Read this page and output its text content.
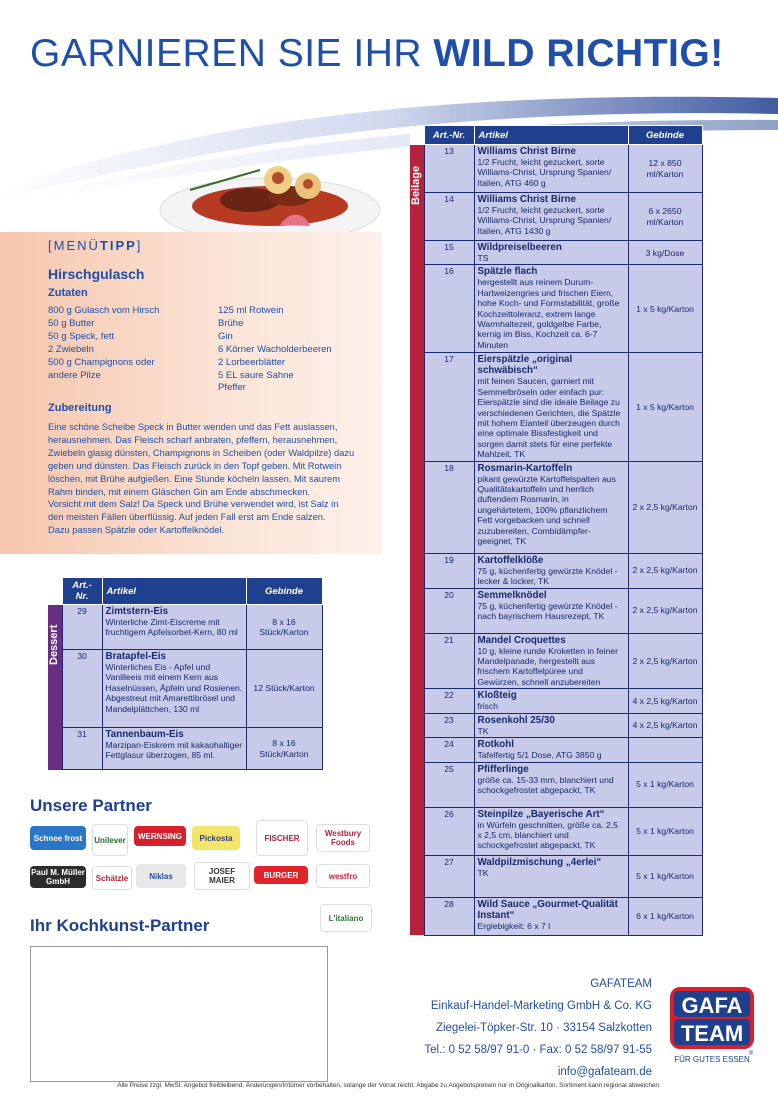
GARNIEREN SIE IHR WILD RICHTIG!
[MENÜTIPP]
Hirschgulasch
Zutaten
800 g Gulasch vom Hirsch
50 g Butter
50 g Speck, fett
2 Zwiebeln
500 g Champignons oder
andere Pilze
125 ml Rotwein
Brühe
Gin
6 Körner Wacholderbeeren
2 Lorbeerblätter
5 EL saure Sahne
Pfeffer
Zubereitung
Eine schöne Scheibe Speck in Butter wenden und das Fett auslassen,
herausnehmen. Das Fleisch scharf anbraten, pfeffern, herausnehmen,
Zwiebeln glasig dünsten, Champignons in Scheiben (oder Waldpilze) dazu
geben und dünsten. Das Fleisch zurück in den Topf geben. Mit Rotwein
löschen, mit Brühe aufgießen. Eine Stunde köcheln lassen. Mit saurem
Rahm binden, mit einem Gläschen Gin am Ende abschmecken.
Vorsicht mit dem Salz! Da Speck und Brühe verwendet wird, ist Salz in
den meisten Fällen überflüssig. Auf jeden Fall erst am Ende salzen.
Dazu passen Spätzle oder Kartoffelknödel.
	Art.-Nr.	Artikel	Gebinde

Dessert	29	Zimtstern-Eis
Winterliche Zimt-Eiscreme mit fruchtigem Apfelsorbet-Kern, 80 ml	8 x 16 Stück/Karton
	30	Bratapfel-Eis
Winterliches Eis - Apfel und Vanilleeis mit einem Kern aus Haselnüssen, Äpfeln und Rosienen. Abgestreut mit Amarettibrösel und Mandelplättchen, 130 ml	12 Stück/Karton
	31	Tannenbaum-Eis
Marzipan-Eiskrem mit kakaohaltiger Fettglasur überzogen, 85 ml.	8 x 16 Stück/Karton
	Art.-Nr.	Artikel	Gebinde

Beilage	13	Williams Christ Birne
1/2 Frucht, leicht gezuckert, sorte Williams-Christ, Ursprung Spanien/ Italien, ATG 460 g	12 x 850 ml/Karton
	14	Williams Christ Birne
1/2 Frucht, leicht gezuckert, sorte Williams-Christ, Ursprung Spanien/ Italien, ATG 1430 g	6 x 2650 ml/Karton
	15	Wildpreiselbeeren
TS	3 kg/Dose
	16	Spätzle flach
hergestellt aus reinem Durum-Hartweizengries und frischen Eiern, hohe Koch- und Formstabilität, große Kochzeittoleranz, extrem lange Warmhaltezeit, goldgelbe Farbe, kernig im Biss, Kochzeit ca. 6-7 Minuten	1 x 5 kg/Karton
	17	Eierspätzle „original schwäbisch“
mit feinen Saucen, garniert mit Semmelbröseln oder einfach pur: Eierspätzle sind die ideale Beilage zu verschiedenen Gerichten, die Spätzle mit hohem Eianteil überzeugen durch eine optimale Bissfestigkeit und sorgen damit stets für eine perfekte Mahlzeit, TK	1 x 5 kg/Karton
	18	Rosmarin-Kartoffeln
pikant gewürzte Kartoffelspalten aus Qualitätskartoffeln und herrlich duftendem Rosmarin, in ungehärtetem, 100% pflanzlichem Fett vorgebacken und schnell zuzubereiten, Combidämpfer-geeignet, TK	2 x 2,5 kg/Karton
	19	Kartoffelklöße
75 g, küchenfertig gewürzte Knödel - lecker & locker, TK	2 x 2,5 kg/Karton
	20	Semmelknödel
75 g, küchenfertig gewürzte Knödel - nach bayrischem Hausrezept, TK	2 x 2,5 kg/Karton
	21	Mandel Croquettes
10 g, kleine runde Kroketten in feiner Mandelpanade, hergestellt aus frischem Kartoffelpüree und Gewürzen, schnell anzubereiten	2 x 2,5 kg/Karton
	22	Kloßteig
frisch	4 x 2,5 kg/Karton
	23	Rosenkohl 25/30
TK	4 x 2,5 kg/Karton
	24	Rotkohl
Tafelfertig 5/1 Dose, ATG 3850 g	
	25	Pfifferlinge
größe ca. 15-33 mm, blanchiert und schockgefrostet abgepackt, TK	5 x 1 kg/Karton
	26	Steinpilze „Bayerische Art“
in Würfeln geschnitten, größe ca. 2,5 x 2,5 cm, blanchiert und schockgefrostet abgepackt, TK	5 x 1 kg/Karton
	27	Waldpilzmischung „4erlei“
TK	5 x 1 kg/Karton
	28	Wild Sauce „Gourmet-Qualität Instant“
Ergiebigkeit: 6 x 7 l	6 x 1 kg/Karton
Unsere Partner
Schnee frost	Unilever	WERNSING	Pickosta	FISCHER	Westbury Foods
Paul M. Müller GmbH	Schätzle	Niklas	JOSEF MAIER
BURGER	westfro
L'italiano
Ihr Kochkunst-Partner
GAFATEAM
Einkauf-Handel-Marketing GmbH & Co. KG
Ziegelei-Töpker-Str. 10 · 33154 Salzkotten
Tel.: 0 52 58/97 91-0 · Fax: 0 52 58/97 91-55
info@gafateam.de
GAFA
TEAM
FÜR GUTES ESSEN
®
Alle Preise zzgl. MwSt. Angebot freibleibend, Änderungen/Irrtümer vorbehalten, solange der Vorrat reicht. Abgabe zu Angebotspreisen nur in Originalkarton. Sortiment kann regional abweichen.
